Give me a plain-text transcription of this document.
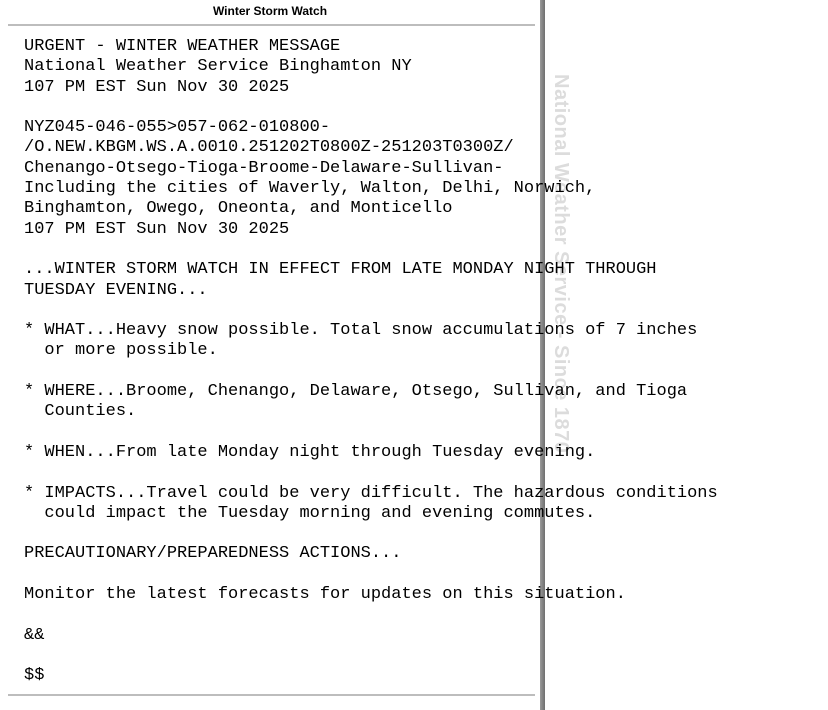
National Weather Service - Since 1870
Winter Storm Watch
URGENT - WINTER WEATHER MESSAGE
National Weather Service Binghamton NY
107 PM EST Sun Nov 30 2025
NYZ045-046-055>057-062-010800-
/O.NEW.KBGM.WS.A.0010.251202T0800Z-251203T0300Z/
Chenango-Otsego-Tioga-Broome-Delaware-Sullivan-
Including the cities of Waverly, Walton, Delhi, Norwich,
Binghamton, Owego, Oneonta, and Monticello
107 PM EST Sun Nov 30 2025
...WINTER STORM WATCH IN EFFECT FROM LATE MONDAY NIGHT THROUGH
TUESDAY EVENING...
* WHAT...Heavy snow possible. Total snow accumulations of 7 inches
or more possible.
* WHERE...Broome, Chenango, Delaware, Otsego, Sullivan, and Tioga
Counties.
* WHEN...From late Monday night through Tuesday evening.
* IMPACTS...Travel could be very difficult. The hazardous conditions
could impact the Tuesday morning and evening commutes.
PRECAUTIONARY/PREPAREDNESS ACTIONS...
Monitor the latest forecasts for updates on this situation.
&&
$$
